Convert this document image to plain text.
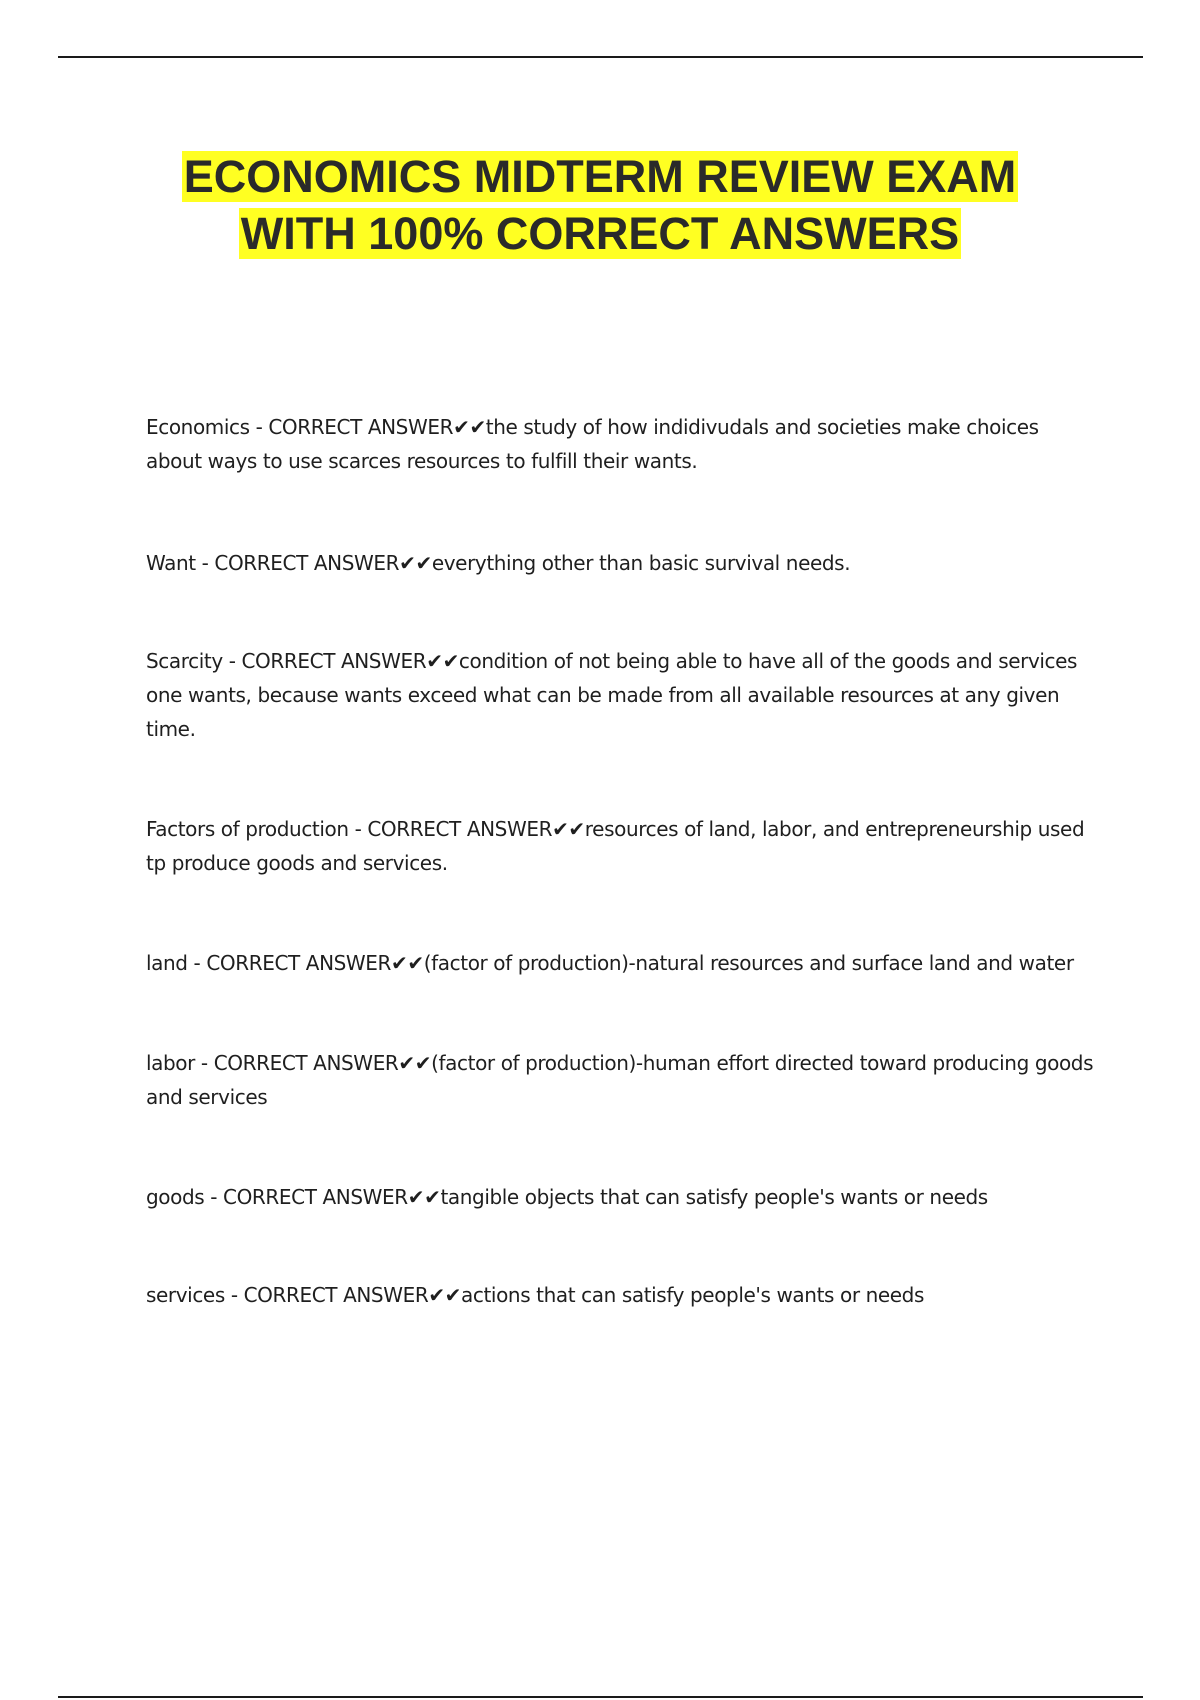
ECONOMICS MIDTERM REVIEW EXAM WITH 100% CORRECT ANSWERS
Economics - CORRECT ANSWER✔✔the study of how indidivudals and societies make choices about ways to use scarces resources to fulfill their wants.
Want - CORRECT ANSWER✔✔everything other than basic survival needs.
Scarcity - CORRECT ANSWER✔✔condition of not being able to have all of the goods and services one wants, because wants exceed what can be made from all available resources at any given time.
Factors of production - CORRECT ANSWER✔✔resources of land, labor, and entrepreneurship used tp produce goods and services.
land - CORRECT ANSWER✔✔(factor of production)-natural resources and surface land and water
labor - CORRECT ANSWER✔✔(factor of production)-human effort directed toward producing goods and services
goods - CORRECT ANSWER✔✔tangible objects that can satisfy people's wants or needs
services - CORRECT ANSWER✔✔actions that can satisfy people's wants or needs
